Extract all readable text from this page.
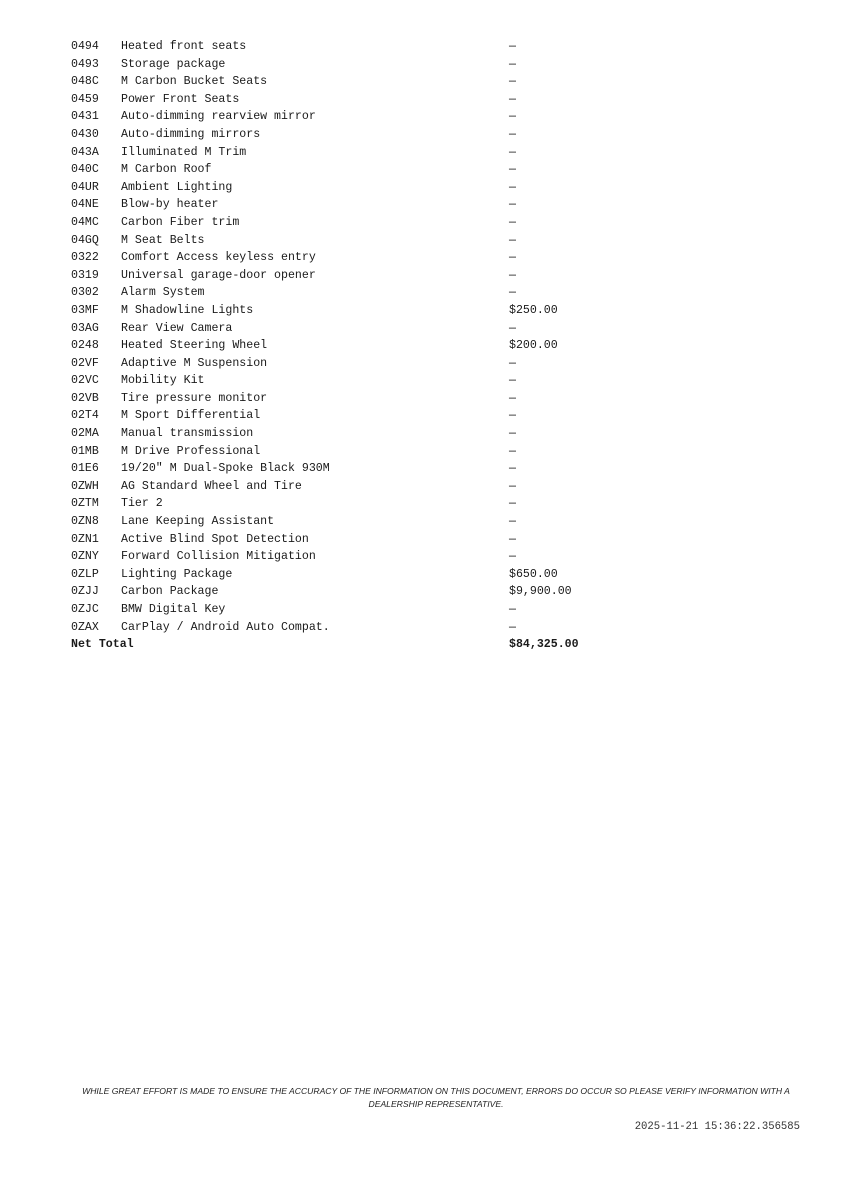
0494	Heated front seats	—
0493	Storage package	—
048C	M Carbon Bucket Seats	—
0459	Power Front Seats	—
0431	Auto-dimming rearview mirror	—
0430	Auto-dimming mirrors	—
043A	Illuminated M Trim	—
040C	M Carbon Roof	—
04UR	Ambient Lighting	—
04NE	Blow-by heater	—
04MC	Carbon Fiber trim	—
04GQ	M Seat Belts	—
0322	Comfort Access keyless entry	—
0319	Universal garage-door opener	—
0302	Alarm System	—
03MF	M Shadowline Lights	$250.00
03AG	Rear View Camera	—
0248	Heated Steering Wheel	$200.00
02VF	Adaptive M Suspension	—
02VC	Mobility Kit	—
02VB	Tire pressure monitor	—
02T4	M Sport Differential	—
02MA	Manual transmission	—
01MB	M Drive Professional	—
01E6	19/20" M Dual-Spoke Black 930M	—
0ZWH	AG Standard Wheel and Tire	—
0ZTM	Tier 2	—
0ZN8	Lane Keeping Assistant	—
0ZN1	Active Blind Spot Detection	—
0ZNY	Forward Collision Mitigation	—
0ZLP	Lighting Package	$650.00
0ZJJ	Carbon Package	$9,900.00
0ZJC	BMW Digital Key	—
0ZAX	CarPlay / Android Auto Compat.	—
Net Total		$84,325.00
WHILE GREAT EFFORT IS MADE TO ENSURE THE ACCURACY OF THE INFORMATION ON THIS DOCUMENT, ERRORS DO OCCUR SO PLEASE VERIFY INFORMATION WITH A DEALERSHIP REPRESENTATIVE.
2025-11-21 15:36:22.356585
